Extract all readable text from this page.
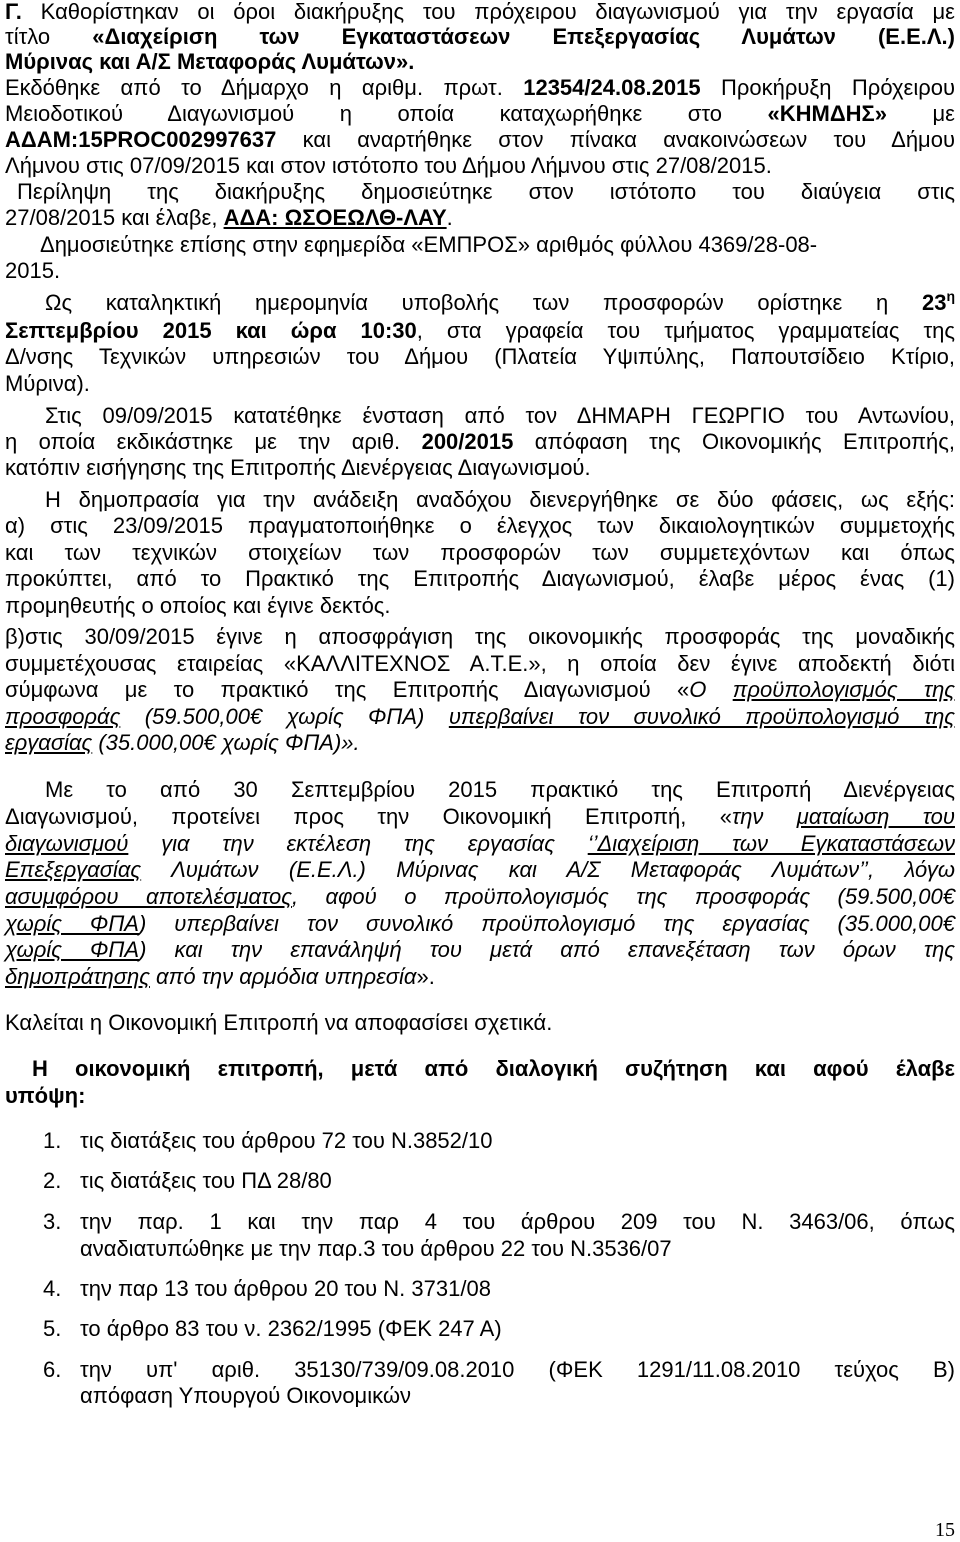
Γ. Καθορίστηκαν οι όροι διακήρυξης του πρόχειρου διαγωνισμού για την εργασία με
τίτλο «Διαχείριση των Εγκαταστάσεων Επεξεργασίας Λυμάτων (Ε.Ε.Λ.)
Μύρινας και Α/Σ Μεταφοράς Λυμάτων».
Εκδόθηκε από το Δήμαρχο η αριθμ. πρωτ. 12354/24.08.2015 Προκήρυξη Πρόχειρου
Μειοδοτικού Διαγωνισμού η οποία καταχωρήθηκε στο «ΚΗΜΔΗΣ» με
ΑΔΑΜ:15PROC002997637 και αναρτήθηκε στον πίνακα ανακοινώσεων του Δήμου
Λήμνου στις 07/09/2015 και στον ιστότοπο του Δήμου Λήμνου στις 27/08/2015.
Περίληψη της διακήρυξης δημοσιεύτηκε στον ιστότοπο του διαύγεια στις
27/08/2015 και έλαβε, ΑΔΑ: ΩΣΟΕΩΛΘ-ΛΑΥ.
Δημοσιεύτηκε επίσης στην εφημερίδα «ΕΜΠΡΟΣ» αριθμός φύλλου 4369/28-08-
2015.
Ως καταληκτική ημερομηνία υποβολής των προσφορών ορίστηκε η $23^\eta$
Σεπτεμβρίου 2015 και ώρα 10:30, στα γραφεία του τμήματος γραμματείας της
Δ/νσης Τεχνικών υπηρεσιών του Δήμου (Πλατεία Υψιπύλης, Παπουτσίδειο Κτίριο,
Μύρινα).
Στις 09/09/2015 κατατέθηκε ένσταση από τον ΔΗΜΑΡΗ ΓΕΩΡΓΙΟ του Αντωνίου,
η οποία εκδικάστηκε με την αριθ. 200/2015 απόφαση της Οικονομικής Επιτροπής,
κατόπιν εισήγησης της Επιτροπής Διενέργειας Διαγωνισμού.
Η δημοπρασία για την ανάδειξη αναδόχου διενεργήθηκε σε δύο φάσεις, ως εξής:
α) στις 23/09/2015 πραγματοποιήθηκε ο έλεγχος των δικαιολογητικών συμμετοχής
και των τεχνικών στοιχείων των προσφορών των συμμετεχόντων και όπως
προκύπτει, από το Πρακτικό της Επιτροπής Διαγωνισμού, έλαβε μέρος ένας (1)
προμηθευτής ο οποίος και έγινε δεκτός.
β)στις 30/09/2015 έγινε η αποσφράγιση της οικονομικής προσφοράς της μοναδικής
συμμετέχουσας εταιρείας «ΚΑΛΛΙΤΕΧΝΟΣ Α.Τ.Ε.», η οποία δεν έγινε αποδεκτή διότι
σύμφωνα με το πρακτικό της Επιτροπής Διαγωνισμού «Ο προϋπολογισμός της
προσφοράς (59.500,00€ χωρίς ΦΠΑ) υπερβαίνει τον συνολικό προϋπολογισμό της
εργασίας (35.000,00€ χωρίς ΦΠΑ)».
Με το από 30 Σεπτεμβρίου 2015 πρακτικό της Επιτροπή Διενέργειας
Διαγωνισμού, προτείνει προς την Οικονομική Επιτροπή, «την ματαίωση του
διαγωνισμού για την εκτέλεση της εργασίας ‘’Διαχείριση των Εγκαταστάσεων
Επεξεργασίας Λυμάτων (Ε.Ε.Λ.) Μύρινας και Α/Σ Μεταφοράς Λυμάτων’’, λόγω
ασυμφόρου αποτελέσματος, αφού ο προϋπολογισμός της προσφοράς (59.500,00€
χωρίς ΦΠΑ) υπερβαίνει τον συνολικό προϋπολογισμό της εργασίας (35.000,00€
χωρίς ΦΠΑ) και την επανάληψή του μετά από επανεξέταση των όρων της
δημοπράτησης από την αρμόδια υπηρεσία».
Καλείται η Οικονομική Επιτροπή να αποφασίσει σχετικά.
Η οικονομική επιτροπή, μετά από διαλογική συζήτηση και αφού έλαβε
υπόψη:
1. τις διατάξεις του άρθρου 72 του Ν.3852/10
2. τις διατάξεις του ΠΔ 28/80
3. την παρ. 1 και την παρ 4 του άρθρου 209 του Ν. 3463/06, όπως
αναδιατυπώθηκε με την παρ.3 του άρθρου 22 του Ν.3536/07
4. την παρ 13 του άρθρου 20 του Ν. 3731/08
5. το άρθρο 83 του ν. 2362/1995 (ΦΕΚ 247 Α)
6. την υπ' αριθ. 35130/739/09.08.2010 (ΦΕΚ 1291/11.08.2010 τεύχος Β)
απόφαση Υπουργού Οικονομικών
15
